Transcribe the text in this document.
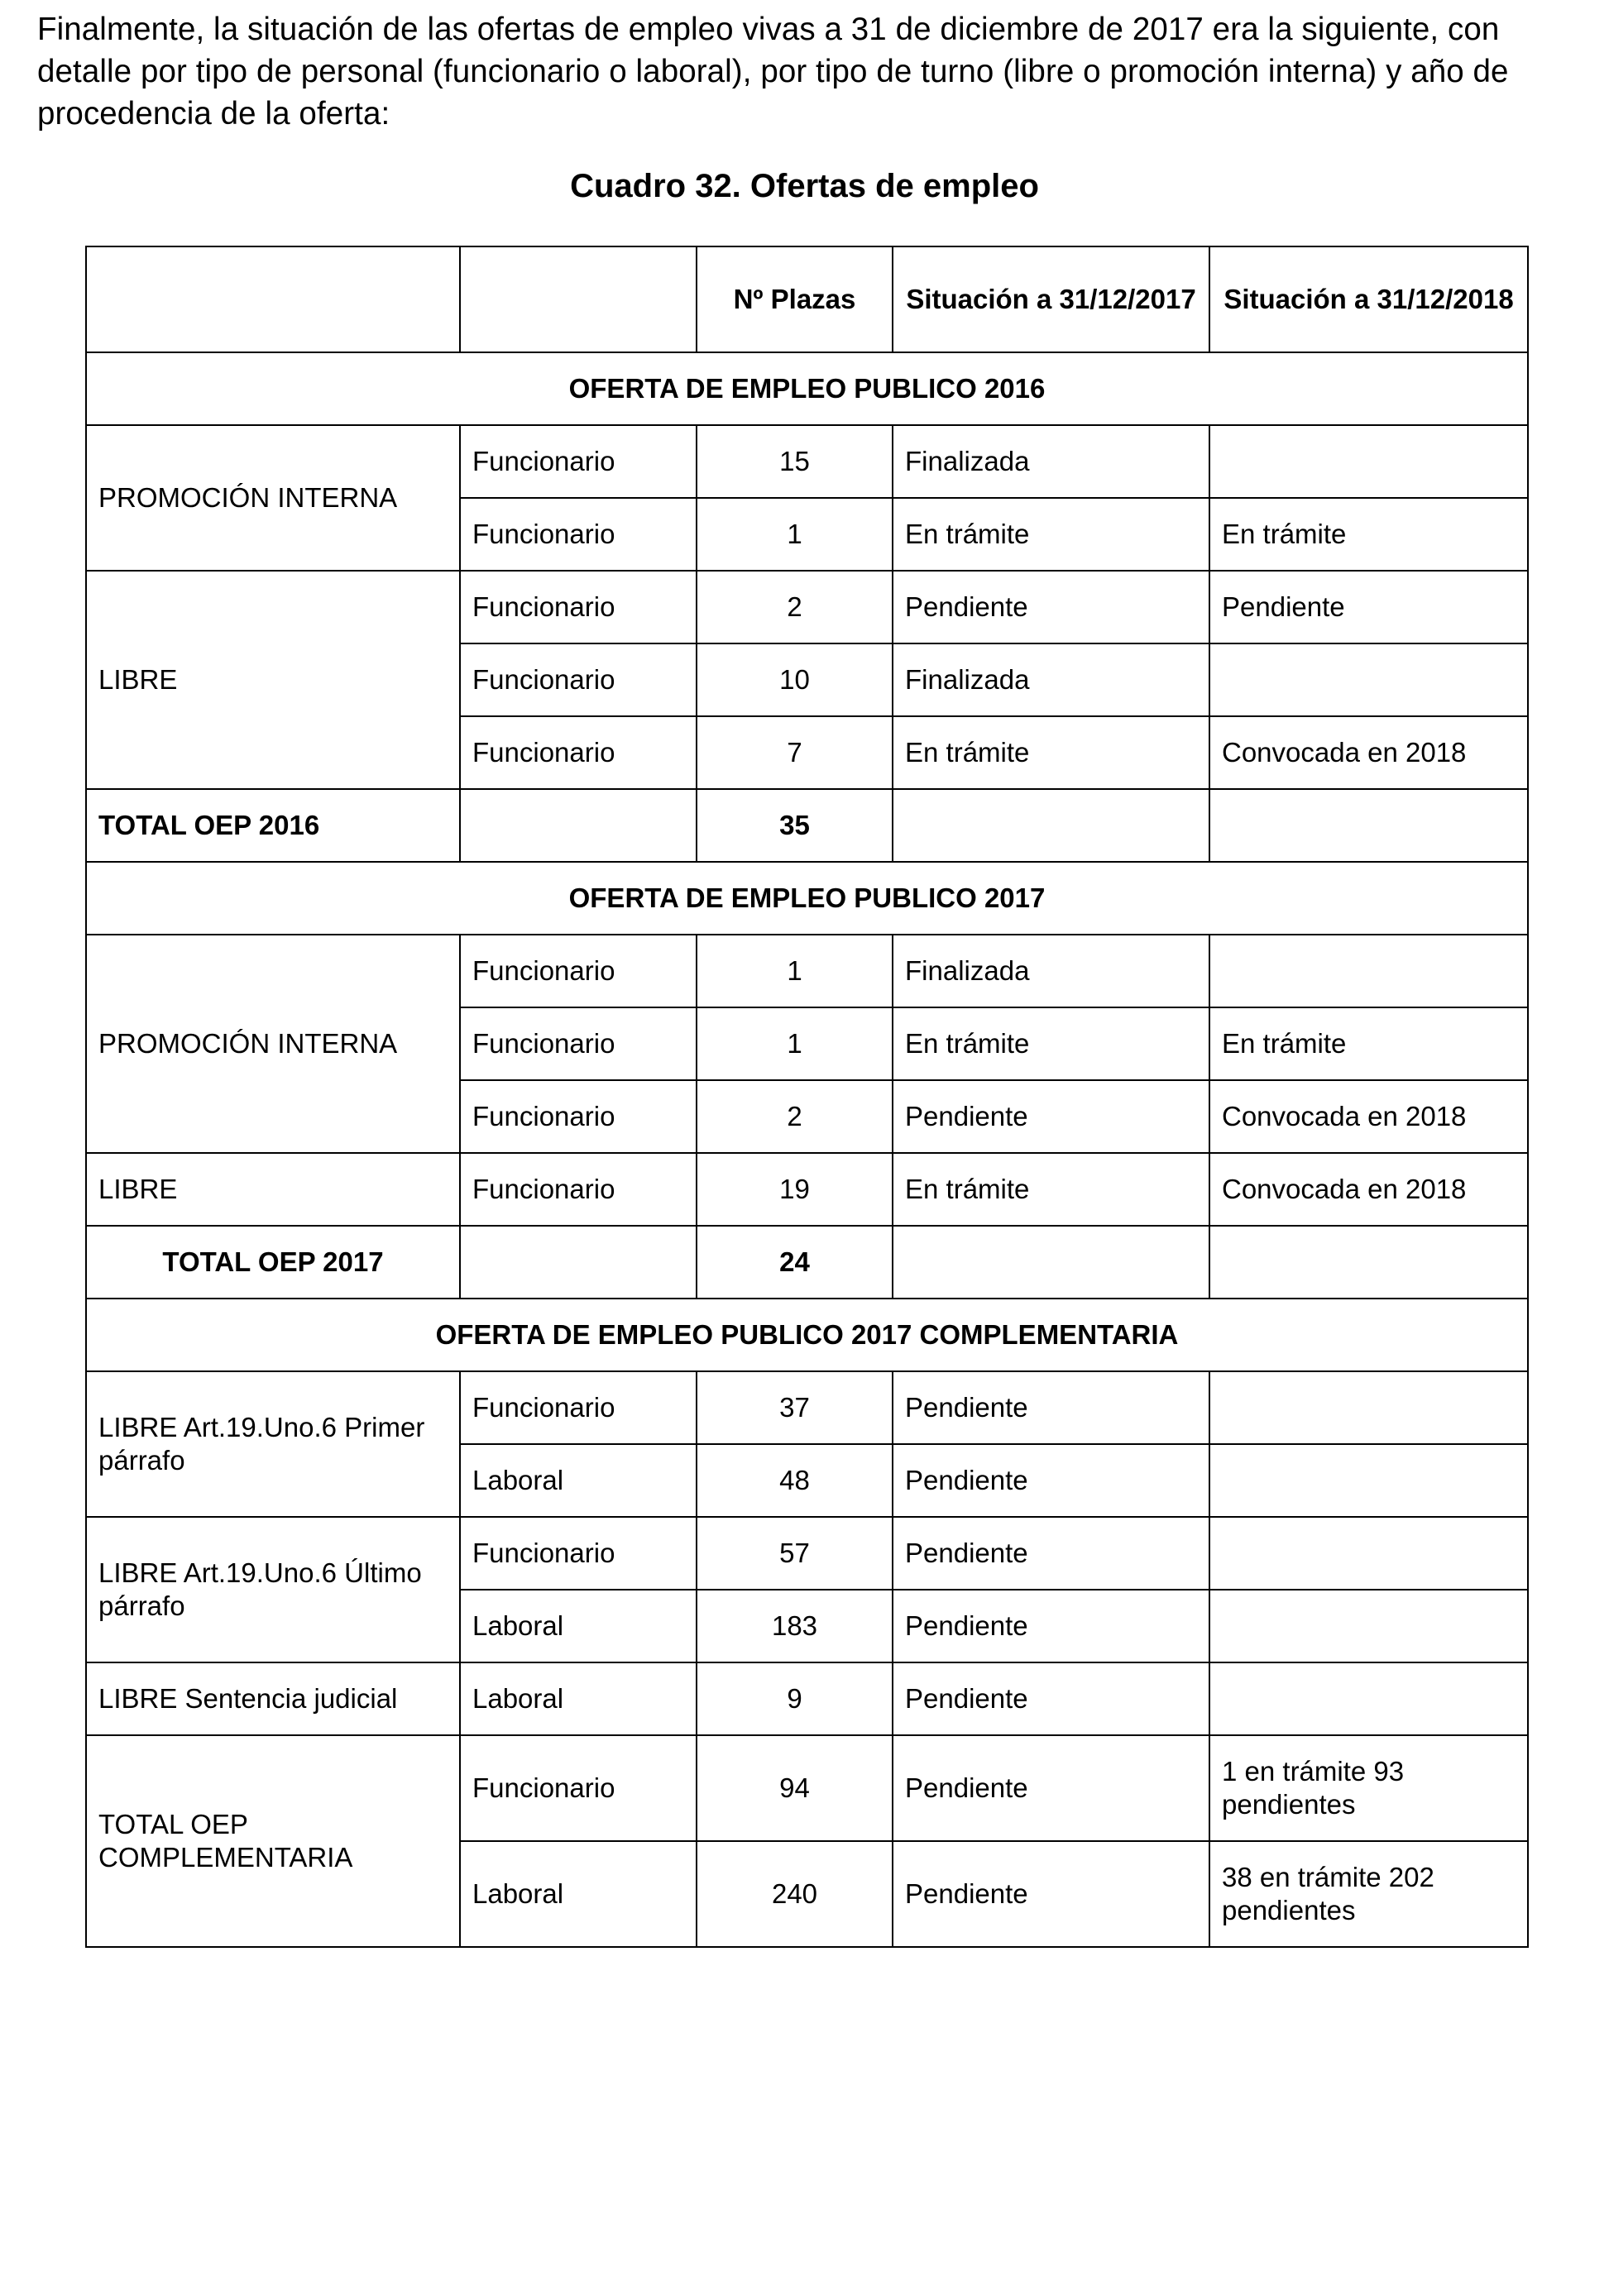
Finalmente, la situación de las ofertas de empleo vivas a 31 de diciembre de 2017 era la siguiente, con detalle por tipo de personal (funcionario o laboral), por tipo de turno (libre o promoción interna) y año de procedencia de la oferta:

Cuadro 32. Ofertas de empleo

		Nº Plazas	Situación a 31/12/2017	Situación a 31/12/2018

OFERTA DE EMPLEO PUBLICO 2016				
PROMOCIÓN INTERNA	Funcionario	15	Finalizada	
	Funcionario	1	En trámite	En trámite
LIBRE	Funcionario	2	Pendiente	Pendiente
	Funcionario	10	Finalizada	
	Funcionario	7	En trámite	Convocada en 2018
TOTAL OEP 2016		35		
OFERTA DE EMPLEO PUBLICO 2017				
PROMOCIÓN INTERNA	Funcionario	1	Finalizada	
	Funcionario	1	En trámite	En trámite
	Funcionario	2	Pendiente	Convocada en 2018
LIBRE	Funcionario	19	En trámite	Convocada en 2018
TOTAL OEP 2017		24		
OFERTA DE EMPLEO PUBLICO 2017 COMPLEMENTARIA				

LIBRE Art.19.Uno.6 Primer párrafo	Funcionario	37	Pendiente	
	Laboral	48	Pendiente	

LIBRE Art.19.Uno.6 Último párrafo	Funcionario	57	Pendiente	
	Laboral	183	Pendiente	
LIBRE Sentencia judicial	Laboral	9	Pendiente	

TOTAL OEP COMPLEMENTARIA	Funcionario	94	Pendiente	1 en trámite 93 pendientes

	Laboral	240	Pendiente	38 en trámite 202 pendientes
